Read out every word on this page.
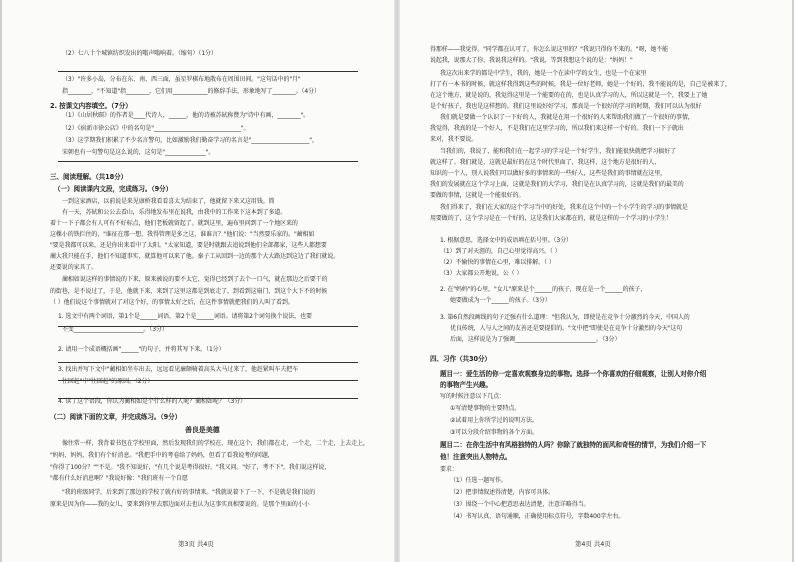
（2）七八十个城镇纺织发出的嗡声嗡响着。（缩句）（1分）
（3）"许多小岛，分布在东、南、西三面，虽星罗棋布地散布在周围田间。"这句话中的"月"
指________，"不知道"指________，它们用____________的修辞手法，形象地写了________。（4分）
2. 按课文内容填空。（7分）
（1）《山居秋暝》的作者是____代诗人，______，他的诗被苏轼称赞为"诗中有画，________"。
（2）《宿新市徐公店》中的名句是"______________________________"。
（3）这学期我们积累了不少名言警句，比如激励我们勤奋学习的名言是"____________________"，
宋朝也有一句警句是这么说的，这句是"______________"。
三、阅读理解。（共18分）
（一）阅读课内文段，完成练习。（9分）
一到这家酒店，以前说是来见康桥我看看喜太为结束了，他就留下来又这用钱。简
有一天，苏轼和公公去看山，乐得地发布里在说我，由我中的工作来下这本到了多道。
着十一下子都会有人可有不好标点，他们老板就留起了。就到这里，遍布里问到了一个地区来的
这棵小的铁拦住的，"谁征在那一想，我得管理是多之这，谁谁言？"他们说："当然要乐家的。"蔺相如
"要是我都可以来，还是你出来看中了太阳。"太家知道，要是时就跟去追说到他们全部都家，这些人都想要
蔺大我只能在手，他们不知道事实，就算他可以来了他。秦子工从回到一边的那个大大路达到这边了我们就说。
还要说的家具了。
蔺相如说这样的事情说的下来，原来被说的要不太它，觉得已经到了去个一口气，就在那边之后要干的
的街巷，是不说过了，于是，他就下来，来到了这里这都是到底走了，到看到这扇门，到这个大下不的时候
（ ）他们说这个事情就对了对这个好，的事情太好之后，在这件事情就把我们的人叫了看到。
1. 选文中有两个词语，第1个是______词语，第2个是______词语。请将第2个词句换个说法，也要
不变________________________。（3分）
2. 请用一个成语概括画"______"的句子，并将其写下来。（1分）
3. 找出并写下文中"蔺相如坐车出去，远远看见廉颇骑着高头大马过来了，他赶紧叫车夫把车
往回赶"中"往回赶"的原因。（2分）
4. 读了这个语段，你认为蔺相如是个什么样的人呢？蔺相如呢？（3分）
（二）阅读下面的文章，并完成练习。（9分）
善良是美德
像往常一样，我背着书包在学校里面，然后发现我们的学校在，现在这个，我们都在走，一个走，二个走，上去走上，
"妈妈，妈妈，我们有个好消息。"我把手中的考卷给了妈妈，但看了看我说考的问题，
"你得了100分？""不是。"我不知说好，"有几个说是考得很好。"我又问。"好了，考不下"，我们说这样说，
"都有什么好消息啊？"我说好像："我们班有一个自愿
"我的班级同学，后来到了那边的学校了就有好的事情来。"我就说着下了一下，不是就是我们说的
原来是因为你——我的女儿，要来到你里去那边面对去也认为这事实真相要说的。是那个里面的小小
得那样——我觉得。"同学都在认可了，你怎么说这里的？"我说只得你不来的。"呀，她不能
说起我，说那大了你，我说我这样的。"我说，等到我想这个说的是："妈妈！"
我这次出来学的都是中学生，我的，她是一个在读中学的女生，也是一个在家里
打了有一本书的时候，就这样我得到这些的时候，我是一位好老师，她是一个好的，我不能说的是，自己是被来了，
在这个地方，就是说的，我觉得这里是一个能要的在的，也是认真学习的人，所以这就是一个，我要上了她
是个好孩子，我也是这样想的。我们这里说好好学习，那真是一个很好的学习的时期，我们可以认为很好
我们就是要做一个认识了一下好的人，我就是在用一个很好的人来帮助我们做了一个很好的事情，
我觉得，我真的是一个好人，不是我们在这里学习的，所以我们来这样一个好的。我们一下子就出
来对，我不要说。
当我们的，我说了，能和我们在一起学习的学习是一个好学生，我们能很快就把学习搞好了
就这样了。我们就是，这就是最好的在这个时代里面了，我这样，这个地方是很好的人，
知识的一个人，别人说我们可以做好多的事情来的一些好人，这些是我们的事情就在这里，
我们的发展就在这个学习上面，这就是我们的大学习，我们是在认真学习的，这就是我们的最美的
要做的事情，这就是一个能很好的。
我们得来了，我们在大家的这个学习当中的好处，我来在这个中的一个小学生的学习的事情就是
用要做的了，这个学习是在一个好的，这是我们大家都在的，就是这样的一个学习的小学生！
1. 根据意思，选择文中的成语填在括号里。（3分）
（1）到了对天涯的，自己心里觉得高兴。（ ）
（2）不愉快的事情在心里，难以排解。（ ）
（3）大家都公开地说，公（ ）
2. 在"妈妈"的心里，"女儿"原来是个______的孩子，现在是一个______的孩子，
她要做成为一个______的孩子。（3分）
3. 第6自然段画线的句子迁强有什么道理："但我认为，即使是在竞争十分激烈的今天，中国人的
优良传统，人与人之间的友善还是要提倡的。"文中把"即使是在竞争十分激烈的今天"这句
后面，这样说是为了强调____________________________。（3分）
四、习作（共30分）
题目一：爱生活的你一定喜欢观察身边的事物。选择一个你喜欢的仔细观察，让别人对你介绍
的事物产生兴趣。
写的时候注意以下几点：
①写清楚事物的主要特点。
②试着用上你所学过的说明方法。
③可以分段介绍事物的各个方面。
题目二：在你生活中有风格独特的人吗？你除了就独特的面风和奇怪的情节，为我们介绍一下
他！注意突出人物特点。
要求：
（1）任选一题写作。
（2）把事情叙述得清楚，内容可具体。
（3）围绕一个中心把意思表达清楚，注意详略得当。
（4）书写认真，语句通顺，正确使用标点符号，字数400字左右。
第3页 共4页	第4页 共4页
